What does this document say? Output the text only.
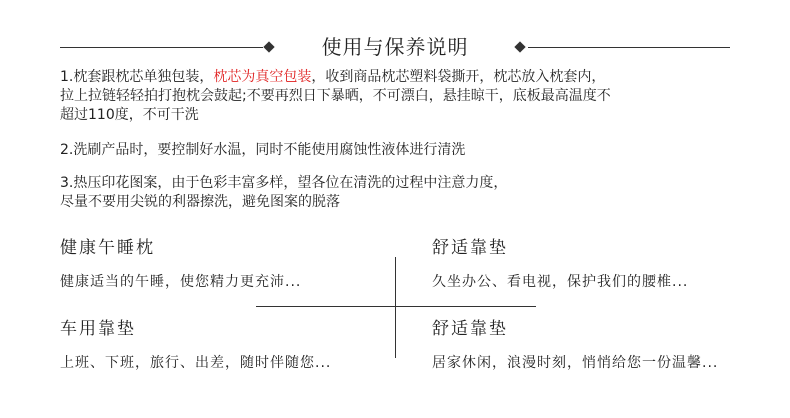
使用与保养说明

1.枕套跟枕芯单独包装，枕芯为真空包装，收到商品枕芯塑料袋撕开，枕芯放入枕套内，

拉上拉链轻轻拍打抱枕会鼓起;不要再烈日下暴晒，不可漂白，悬挂晾干，底板最高温度不

超过110度，不可干洗

2.洗刷产品时，要控制好水温，同时不能使用腐蚀性液体进行清洗

3.热压印花图案，由于色彩丰富多样，望各位在清洗的过程中注意力度，

尽量不要用尖锐的利器擦洗，避免图案的脱落

健康午睡枕
健康适当的午睡，使您精力更充沛...
舒适靠垫
久坐办公、看电视，保护我们的腰椎...
车用靠垫
上班、下班，旅行、出差，随时伴随您...
舒适靠垫
居家休闲，浪漫时刻，悄悄给您一份温馨...
